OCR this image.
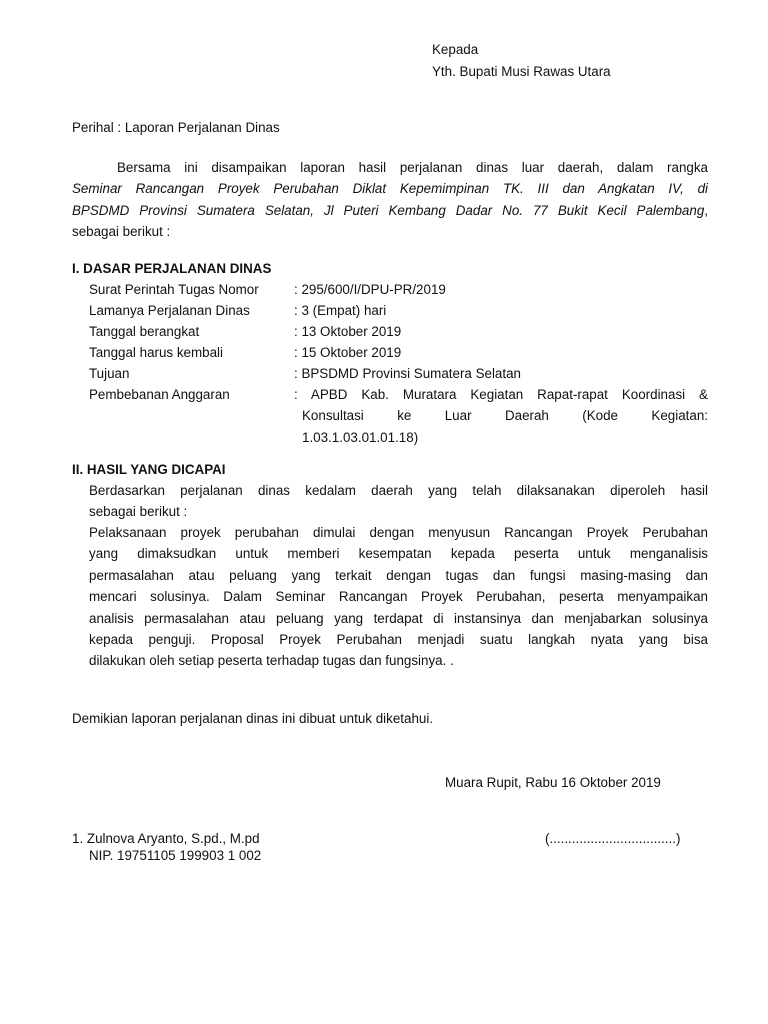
Kepada
Yth. Bupati Musi Rawas Utara
Perihal : Laporan Perjalanan Dinas
Bersama ini disampaikan laporan hasil perjalanan dinas luar daerah, dalam rangka
Seminar Rancangan Proyek Perubahan Diklat Kepemimpinan TK. III dan Angkatan IV, di
BPSDMD Provinsi Sumatera Selatan, Jl Puteri Kembang Dadar No. 77 Bukit Kecil Palembang,
sebagai berikut :
I. DASAR PERJALANAN DINAS
Surat Perintah Tugas Nomor	: 295/600/I/DPU-PR/2019
Lamanya Perjalanan Dinas	: 3 (Empat) hari
Tanggal berangkat	: 13 Oktober 2019
Tanggal harus kembali	: 15 Oktober 2019
Tujuan	: BPSDMD Provinsi Sumatera Selatan
Pembebanan Anggaran	: APBD Kab. Muratara Kegiatan Rapat-rapat Koordinasi &
Konsultasi ke Luar Daerah (Kode Kegiatan:
1.03.1.03.01.01.18)
II. HASIL YANG DICAPAI
Berdasarkan perjalanan dinas kedalam daerah yang telah dilaksanakan diperoleh hasil
sebagai berikut :
Pelaksanaan proyek perubahan dimulai dengan menyusun Rancangan Proyek Perubahan
yang dimaksudkan untuk memberi kesempatan kepada peserta untuk menganalisis
permasalahan atau peluang yang terkait dengan tugas dan fungsi masing-masing dan
mencari solusinya. Dalam Seminar Rancangan Proyek Perubahan, peserta menyampaikan
analisis permasalahan atau peluang yang terdapat di instansinya dan menjabarkan solusinya
kepada penguji. Proposal Proyek Perubahan menjadi suatu langkah nyata yang bisa
dilakukan oleh setiap peserta terhadap tugas dan fungsinya. .
Demikian laporan perjalanan dinas ini dibuat untuk diketahui.
Muara Rupit, Rabu 16 Oktober 2019
1. Zulnova Aryanto, S.pd., M.pd
NIP. 19751105 199903 1 002
(..................................)
